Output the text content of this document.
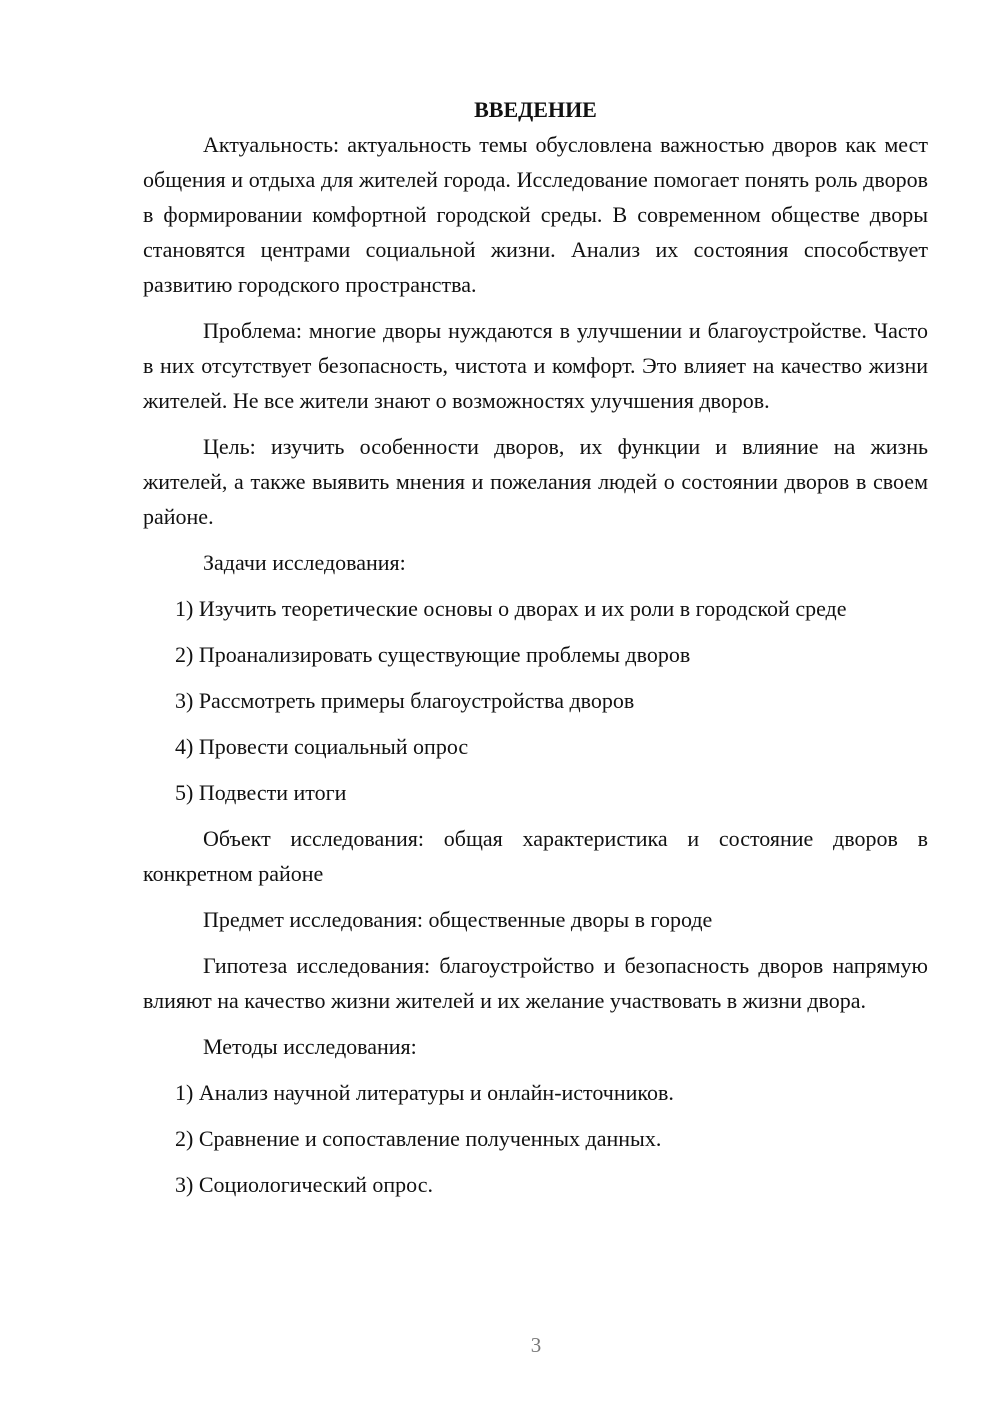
ВВЕДЕНИЕ

Актуальность: актуальность темы обусловлена важностью дворов как мест общения и отдыха для жителей города. Исследование помогает понять роль дворов в формировании комфортной городской среды. В современном обществе дворы становятся центрами социальной жизни. Анализ их состояния способствует развитию городского пространства.

Проблема: многие дворы нуждаются в улучшении и благоустройстве. Часто в них отсутствует безопасность, чистота и комфорт. Это влияет на качество жизни жителей. Не все жители знают о возможностях улучшения дворов.

Цель: изучить особенности дворов, их функции и влияние на жизнь жителей, а также выявить мнения и пожелания людей о состоянии дворов в своем районе.

Задачи исследования:

1) Изучить теоретические основы о дворах и их роли в городской среде

2) Проанализировать существующие проблемы дворов

3) Рассмотреть примеры благоустройства дворов

4) Провести социальный опрос

5) Подвести итоги

Объект исследования: общая характеристика и состояние дворов в конкретном районе

Предмет исследования: общественные дворы в городе

Гипотеза исследования: благоустройство и безопасность дворов напрямую влияют на качество жизни жителей и их желание участвовать в жизни двора.

Методы исследования:

1) Анализ научной литературы и онлайн-источников.

2) Сравнение и сопоставление полученных данных.

3) Социологический опрос.

3
